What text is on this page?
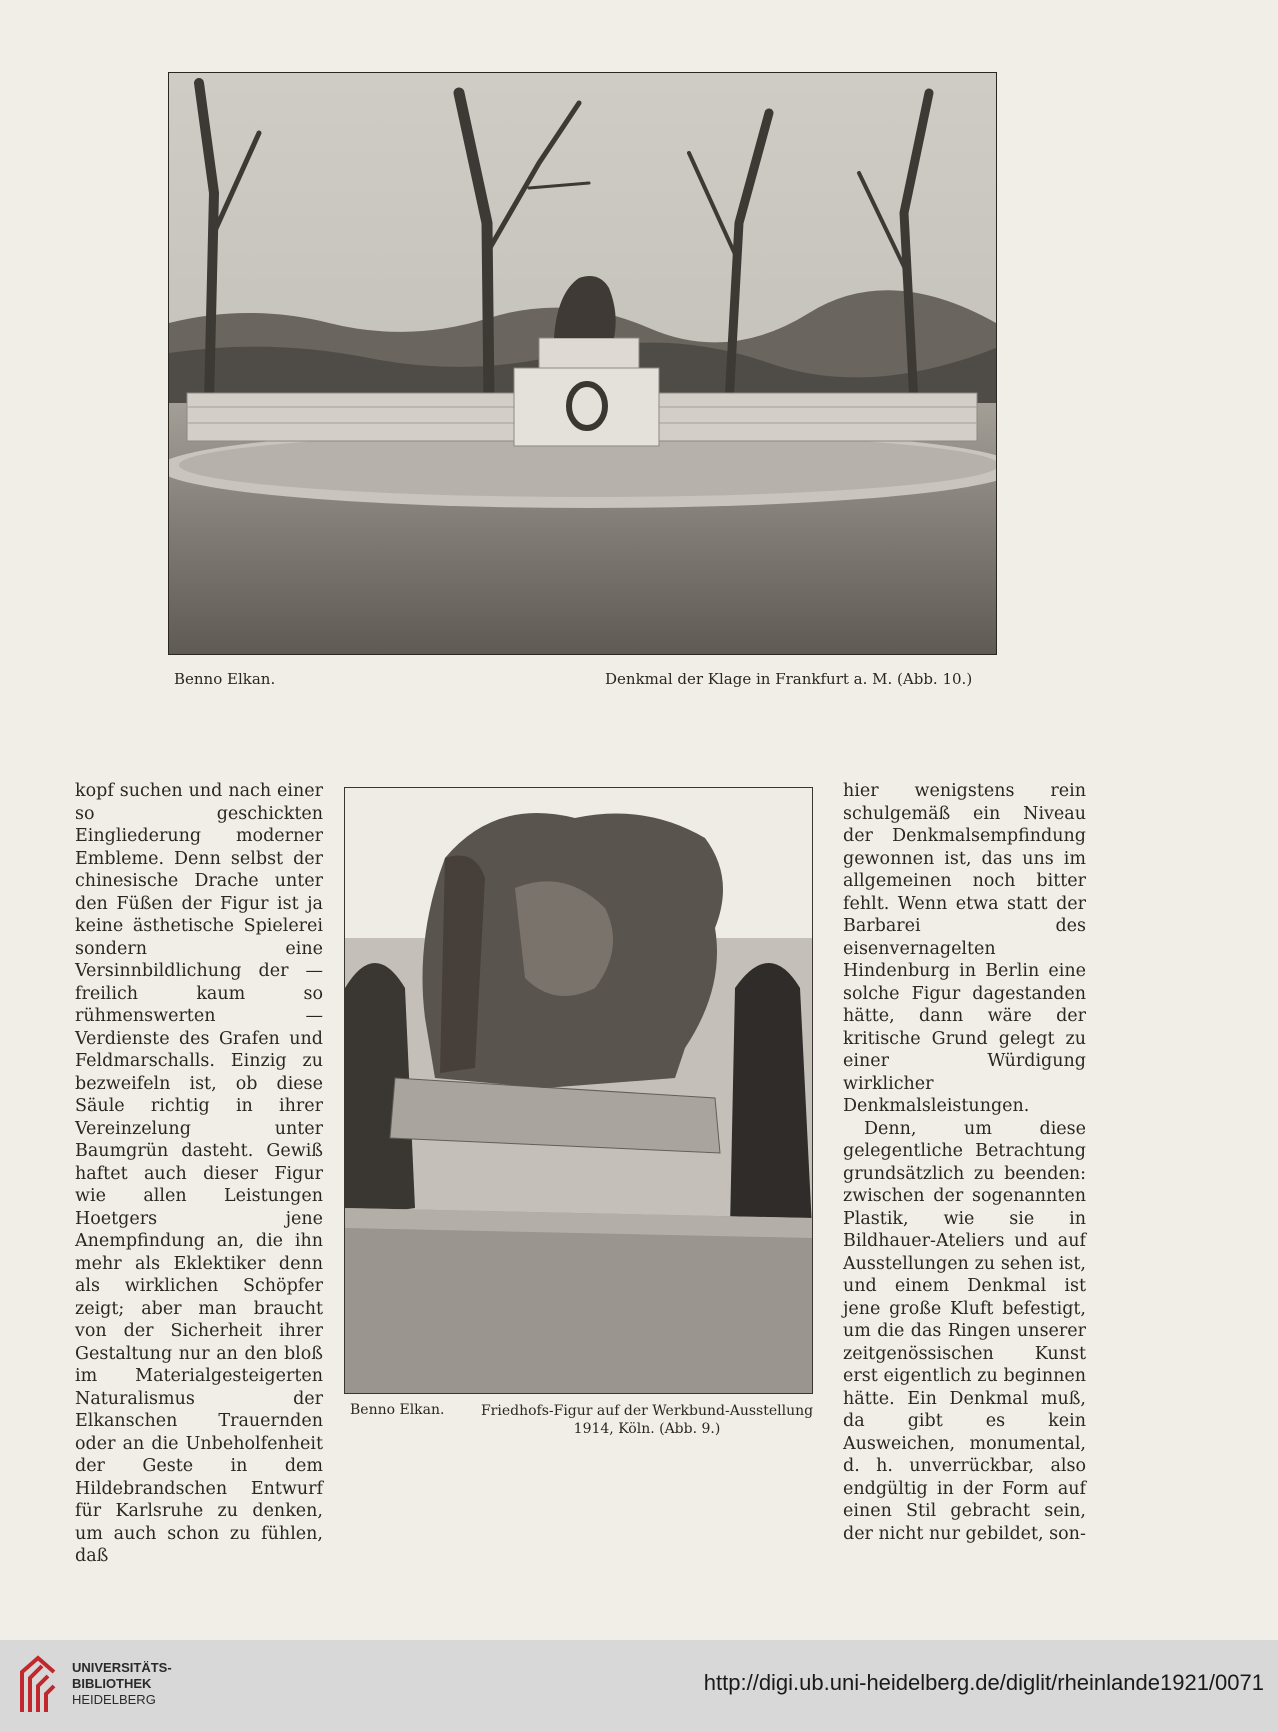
Benno Elkan.	Denkmal der Klage in Frankfurt a. M. (Abb. 10.)

kopf suchen und nach einer so geschickten Eingliederung moderner Embleme. Denn selbst der chinesische Drache unter den Füßen der Figur ist ja keine ästhetische Spielerei sondern eine Versinnbildlichung der — freilich kaum so rühmenswerten — Verdienste des Grafen und Feldmarschalls. Einzig zu bezweifeln ist, ob diese Säule richtig in ihrer Vereinzelung unter Baumgrün dasteht. Gewiß haftet auch dieser Figur wie allen Leistungen Hoetgers jene Anempfindung an, die ihn mehr als Eklektiker denn als wirklichen Schöpfer zeigt; aber man braucht von der Sicherheit ihrer Gestaltung nur an den bloß im Materialgesteigerten Naturalismus der Elkanschen Trauernden oder an die Unbeholfenheit der Geste in dem Hildebrandschen Entwurf für Karlsruhe zu denken, um auch schon zu fühlen, daß

Benno Elkan.	Friedhofs-Figur auf der Werkbund-Ausstellung 1914, Köln. (Abb. 9.)

hier wenigstens rein schulgemäß ein Niveau der Denkmalsempfindung gewonnen ist, das uns im allgemeinen noch bitter fehlt. Wenn etwa statt der Barbarei des eisenvernagelten Hindenburg in Berlin eine solche Figur dagestanden hätte, dann wäre der kritische Grund gelegt zu einer Würdigung wirklicher Denkmalsleistungen.

Denn, um diese gelegentliche Betrachtung grundsätzlich zu beenden: zwischen der sogenannten Plastik, wie sie in Bildhauer-Ateliers und auf Ausstellungen zu sehen ist, und einem Denkmal ist jene große Kluft befestigt, um die das Ringen unserer zeitgenössischen Kunst erst eigentlich zu beginnen hätte. Ein Denkmal muß, da gibt es kein Ausweichen, monumental, d. h. unverrückbar, also endgültig in der Form auf einen Stil gebracht sein, der nicht nur gebildet, son-

UNIVERSITÄTS-
BIBLIOTHEK
HEIDELBERG
http://digi.ub.uni-heidelberg.de/diglit/rheinlande1921/0071
